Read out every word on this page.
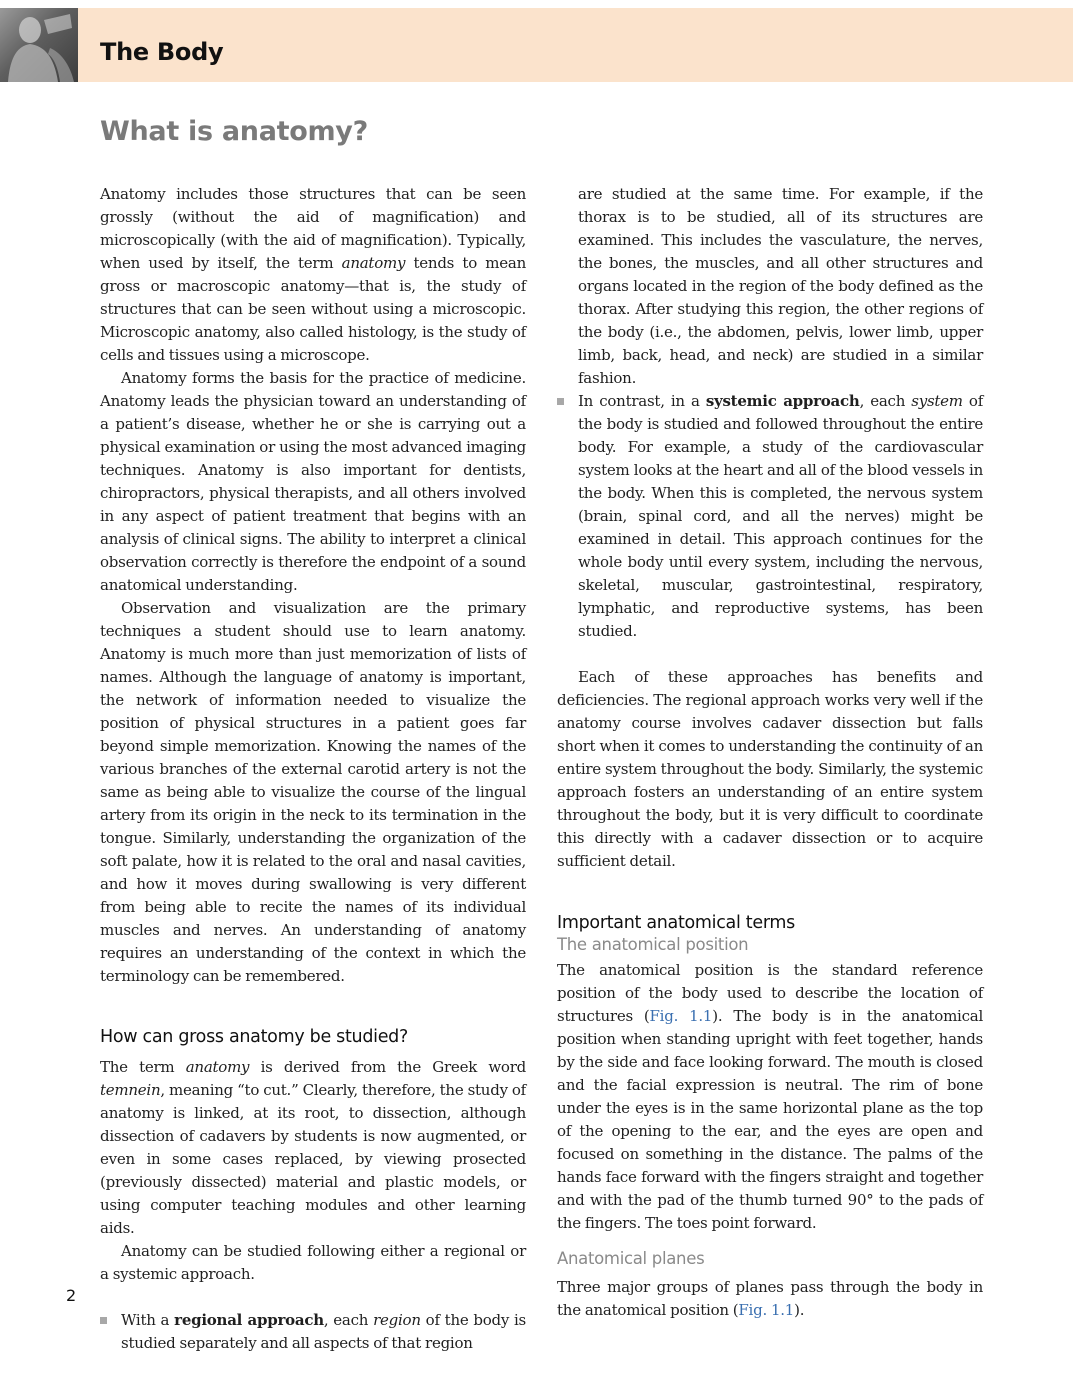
The Body
What is anatomy?

Anatomy includes those structures that can be seen grossly (without the aid of magnification) and microscopically (with the aid of magnification). Typically, when used by itself, the term anatomy tends to mean gross or macroscopic anatomy—that is, the study of structures that can be seen without using a microscopic. Microscopic anatomy, also called histology, is the study of cells and tissues using a microscope.

Anatomy forms the basis for the practice of medicine. Anatomy leads the physician toward an understanding of a patient’s disease, whether he or she is carrying out a physical examination or using the most advanced imaging techniques. Anatomy is also important for dentists, chiropractors, physical therapists, and all others involved in any aspect of patient treatment that begins with an analysis of clinical signs. The ability to interpret a clinical observation correctly is therefore the endpoint of a sound anatomical understanding.

Observation and visualization are the primary techniques a student should use to learn anatomy. Anatomy is much more than just memorization of lists of names. Although the language of anatomy is important, the network of information needed to visualize the position of physical structures in a patient goes far beyond simple memorization. Knowing the names of the various branches of the external carotid artery is not the same as being able to visualize the course of the lingual artery from its origin in the neck to its termination in the tongue. Similarly, understanding the organization of the soft palate, how it is related to the oral and nasal cavities, and how it moves during swallowing is very different from being able to recite the names of its individual muscles and nerves. An understanding of anatomy requires an understanding of the context in which the terminology can be remembered.

How can gross anatomy be studied?

The term anatomy is derived from the Greek word temnein, meaning “to cut.” Clearly, therefore, the study of anatomy is linked, at its root, to dissection, although dissection of cadavers by students is now augmented, or even in some cases replaced, by viewing prosected (previously dissected) material and plastic models, or using computer teaching modules and other learning aids.

Anatomy can be studied following either a regional or a systemic approach.

With a regional approach, each region of the body is studied separately and all aspects of that region

are studied at the same time. For example, if the thorax is to be studied, all of its structures are examined. This includes the vasculature, the nerves, the bones, the muscles, and all other structures and organs located in the region of the body defined as the thorax. After studying this region, the other regions of the body (i.e., the abdomen, pelvis, lower limb, upper limb, back, head, and neck) are studied in a similar fashion.

In contrast, in a systemic approach, each system of the body is studied and followed throughout the entire body. For example, a study of the cardiovascular system looks at the heart and all of the blood vessels in the body. When this is completed, the nervous system (brain, spinal cord, and all the nerves) might be examined in detail. This approach continues for the whole body until every system, including the nervous, skeletal, muscular, gastrointestinal, respiratory, lymphatic, and reproductive systems, has been studied.

Each of these approaches has benefits and deficiencies. The regional approach works very well if the anatomy course involves cadaver dissection but falls short when it comes to understanding the continuity of an entire system throughout the body. Similarly, the systemic approach fosters an understanding of an entire system throughout the body, but it is very difficult to coordinate this directly with a cadaver dissection or to acquire sufficient detail.

Important anatomical terms
The anatomical position

The anatomical position is the standard reference position of the body used to describe the location of structures (Fig. 1.1). The body is in the anatomical position when standing upright with feet together, hands by the side and face looking forward. The mouth is closed and the facial expression is neutral. The rim of bone under the eyes is in the same horizontal plane as the top of the opening to the ear, and the eyes are open and focused on something in the distance. The palms of the hands face forward with the fingers straight and together and with the pad of the thumb turned 90° to the pads of the fingers. The toes point forward.

Anatomical planes

Three major groups of planes pass through the body in the anatomical position (Fig. 1.1).

2
